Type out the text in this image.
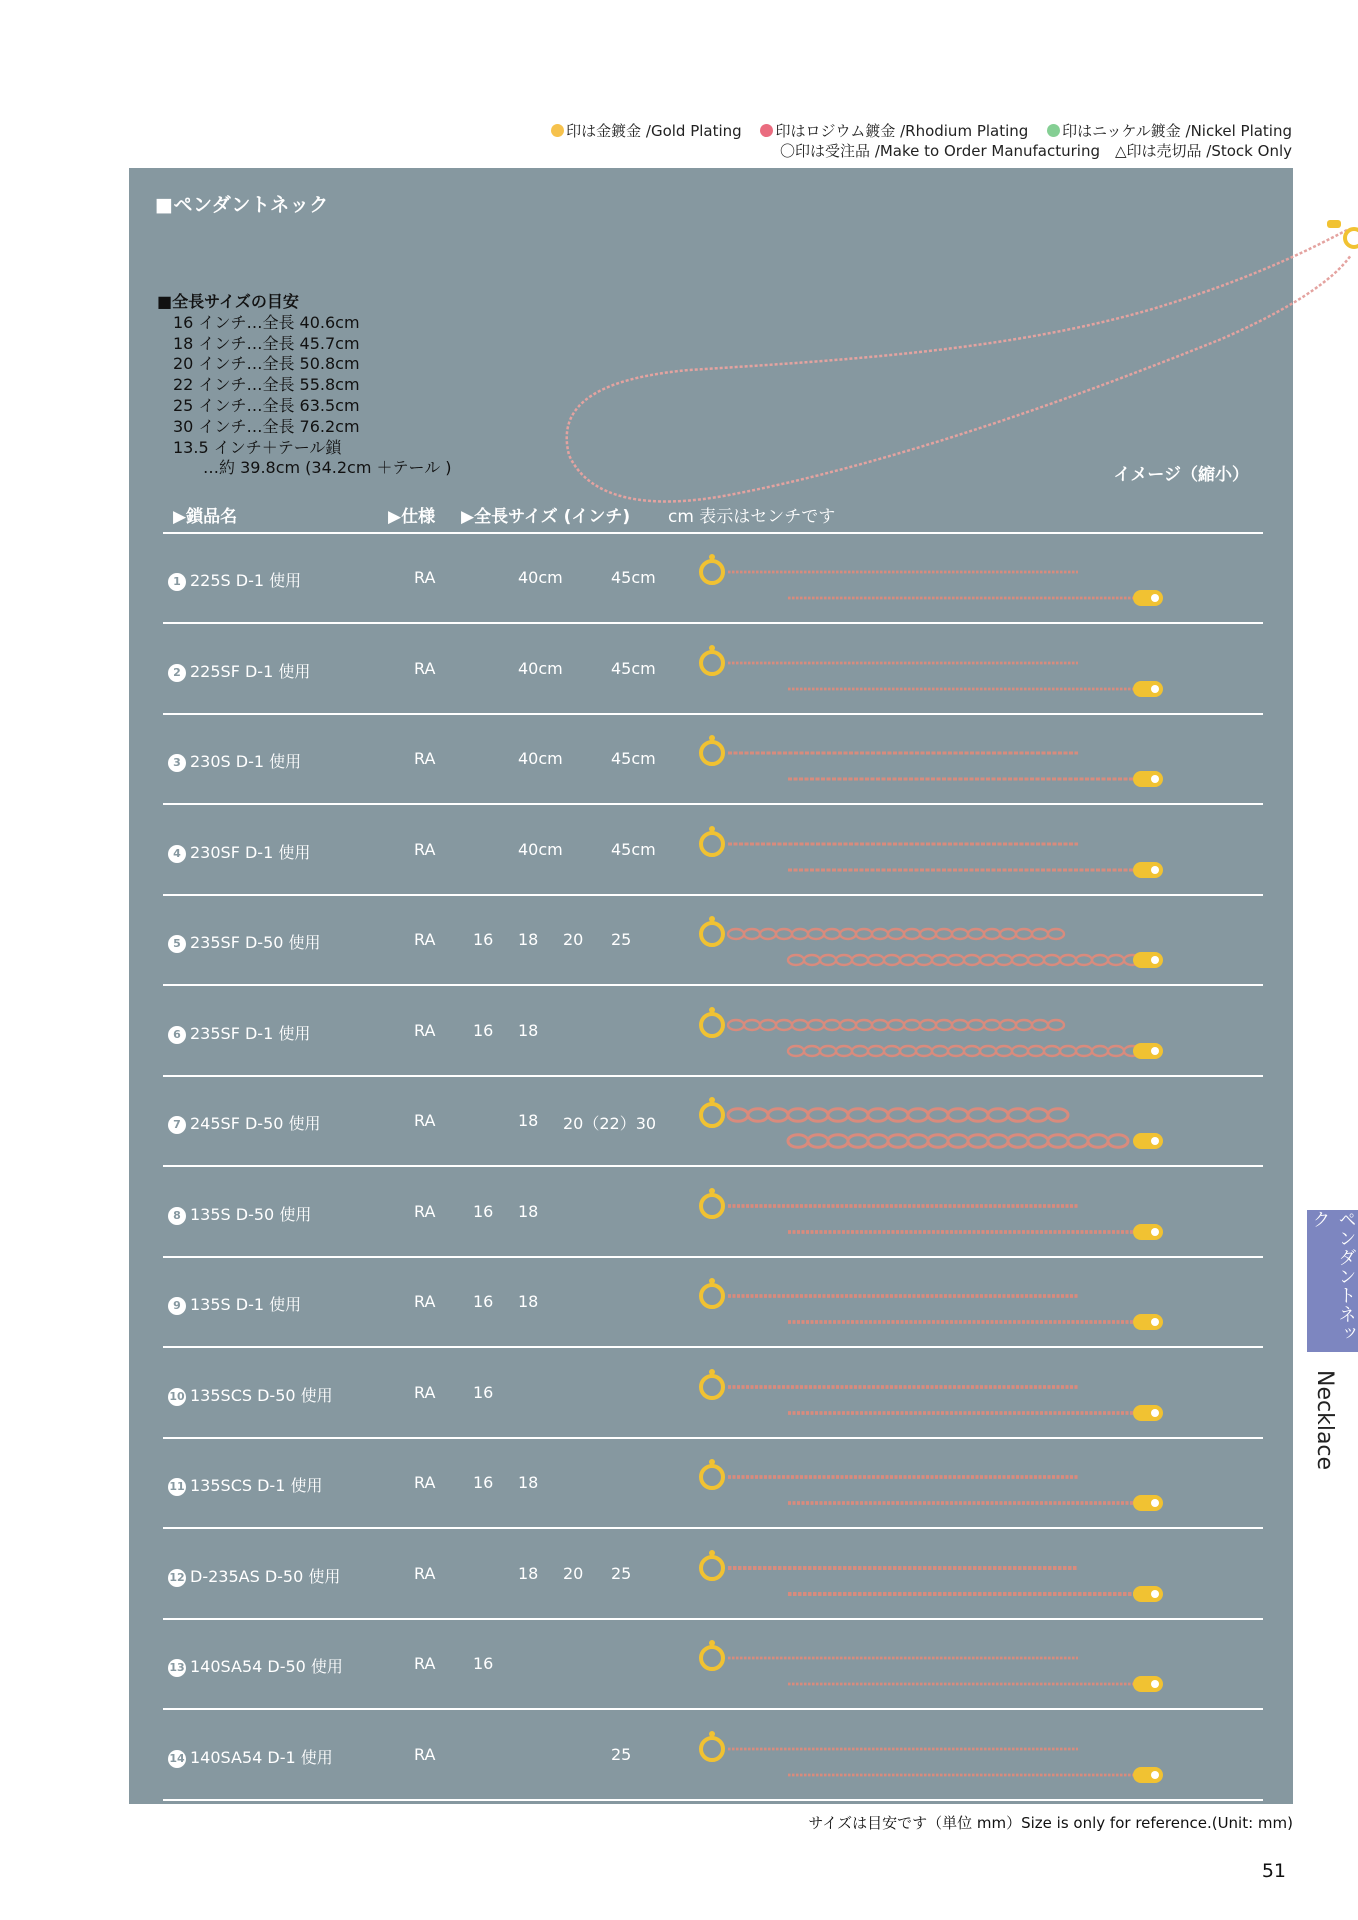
印は金鍍金 /Gold Plating 印はロジウム鍍金 /Rhodium Plating 印はニッケル鍍金 /Nickel Plating
〇印は受注品 /Make to Order Manufacturing　△印は売切品 /Stock Only
■ペンダントネック
■全長サイズの目安
16 インチ…全長 40.6cm
18 インチ…全長 45.7cm
20 インチ…全長 50.8cm
22 インチ…全長 55.8cm
25 インチ…全長 63.5cm
30 インチ…全長 76.2cm
13.5 インチ＋テール鎖
…約 39.8cm (34.2cm ＋テール )	イメージ（縮小）
▶鎖品名	▶仕様 ▶全長サイズ (インチ) cm 表示はセンチです
1 225S D-1 使用	RA	40cm	45cm
2 225SF D-1 使用	RA	40cm	45cm
3 230S D-1 使用	RA	40cm	45cm
4 230SF D-1 使用	RA	40cm	45cm
5 235SF D-50 使用	RA 16 18 20 25
6 235SF D-1 使用	RA 16 18
7 245SF D-50 使用	RA	18 20（22）30
8 135S D-50 使用	RA 16 18
9 135S D-1 使用	RA 16 18
10 135SCS D-50 使用	RA 16
11 135SCS D-1 使用	RA 16 18
12 D-235AS D-50 使用	RA	18 20 25
13 140SA54 D-50 使用	RA 16
14 140SA54 D-1 使用	RA	25
サイズは目安です（単位 mm）Size is only for reference.(Unit: mm)
51
ペンダントネック
Necklace
